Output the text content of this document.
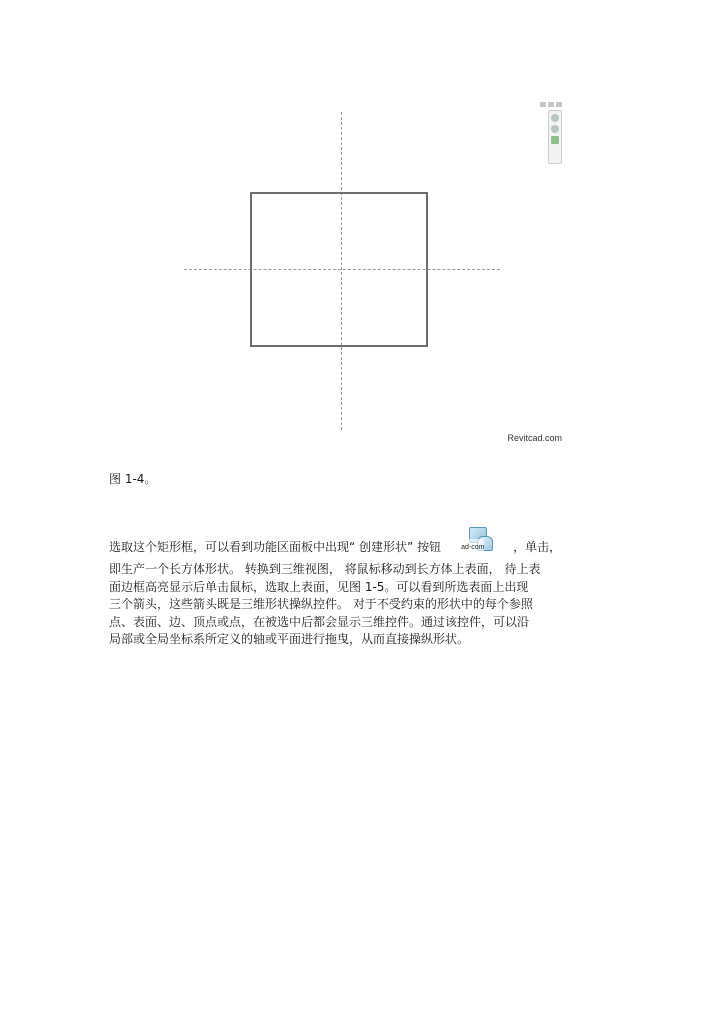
Revitcad.com

图 1-4。

选取这个矩形框，可以看到功能区面板中出现“ 创建形状” 按钮	ad-com ，单击，

即生产一个长方体形状。 转换到三维视图， 将鼠标移动到长方体上表面， 待上表

面边框高亮显示后单击鼠标，选取上表面，见图 1-5。可以看到所选表面上出现

三个箭头，这些箭头既是三维形状操纵控件。 对于不受约束的形状中的每个参照

点、表面、边、顶点或点，在被选中后都会显示三维控件。通过该控件，可以沿

局部或全局坐标系所定义的轴或平面进行拖曳，从而直接操纵形状。
